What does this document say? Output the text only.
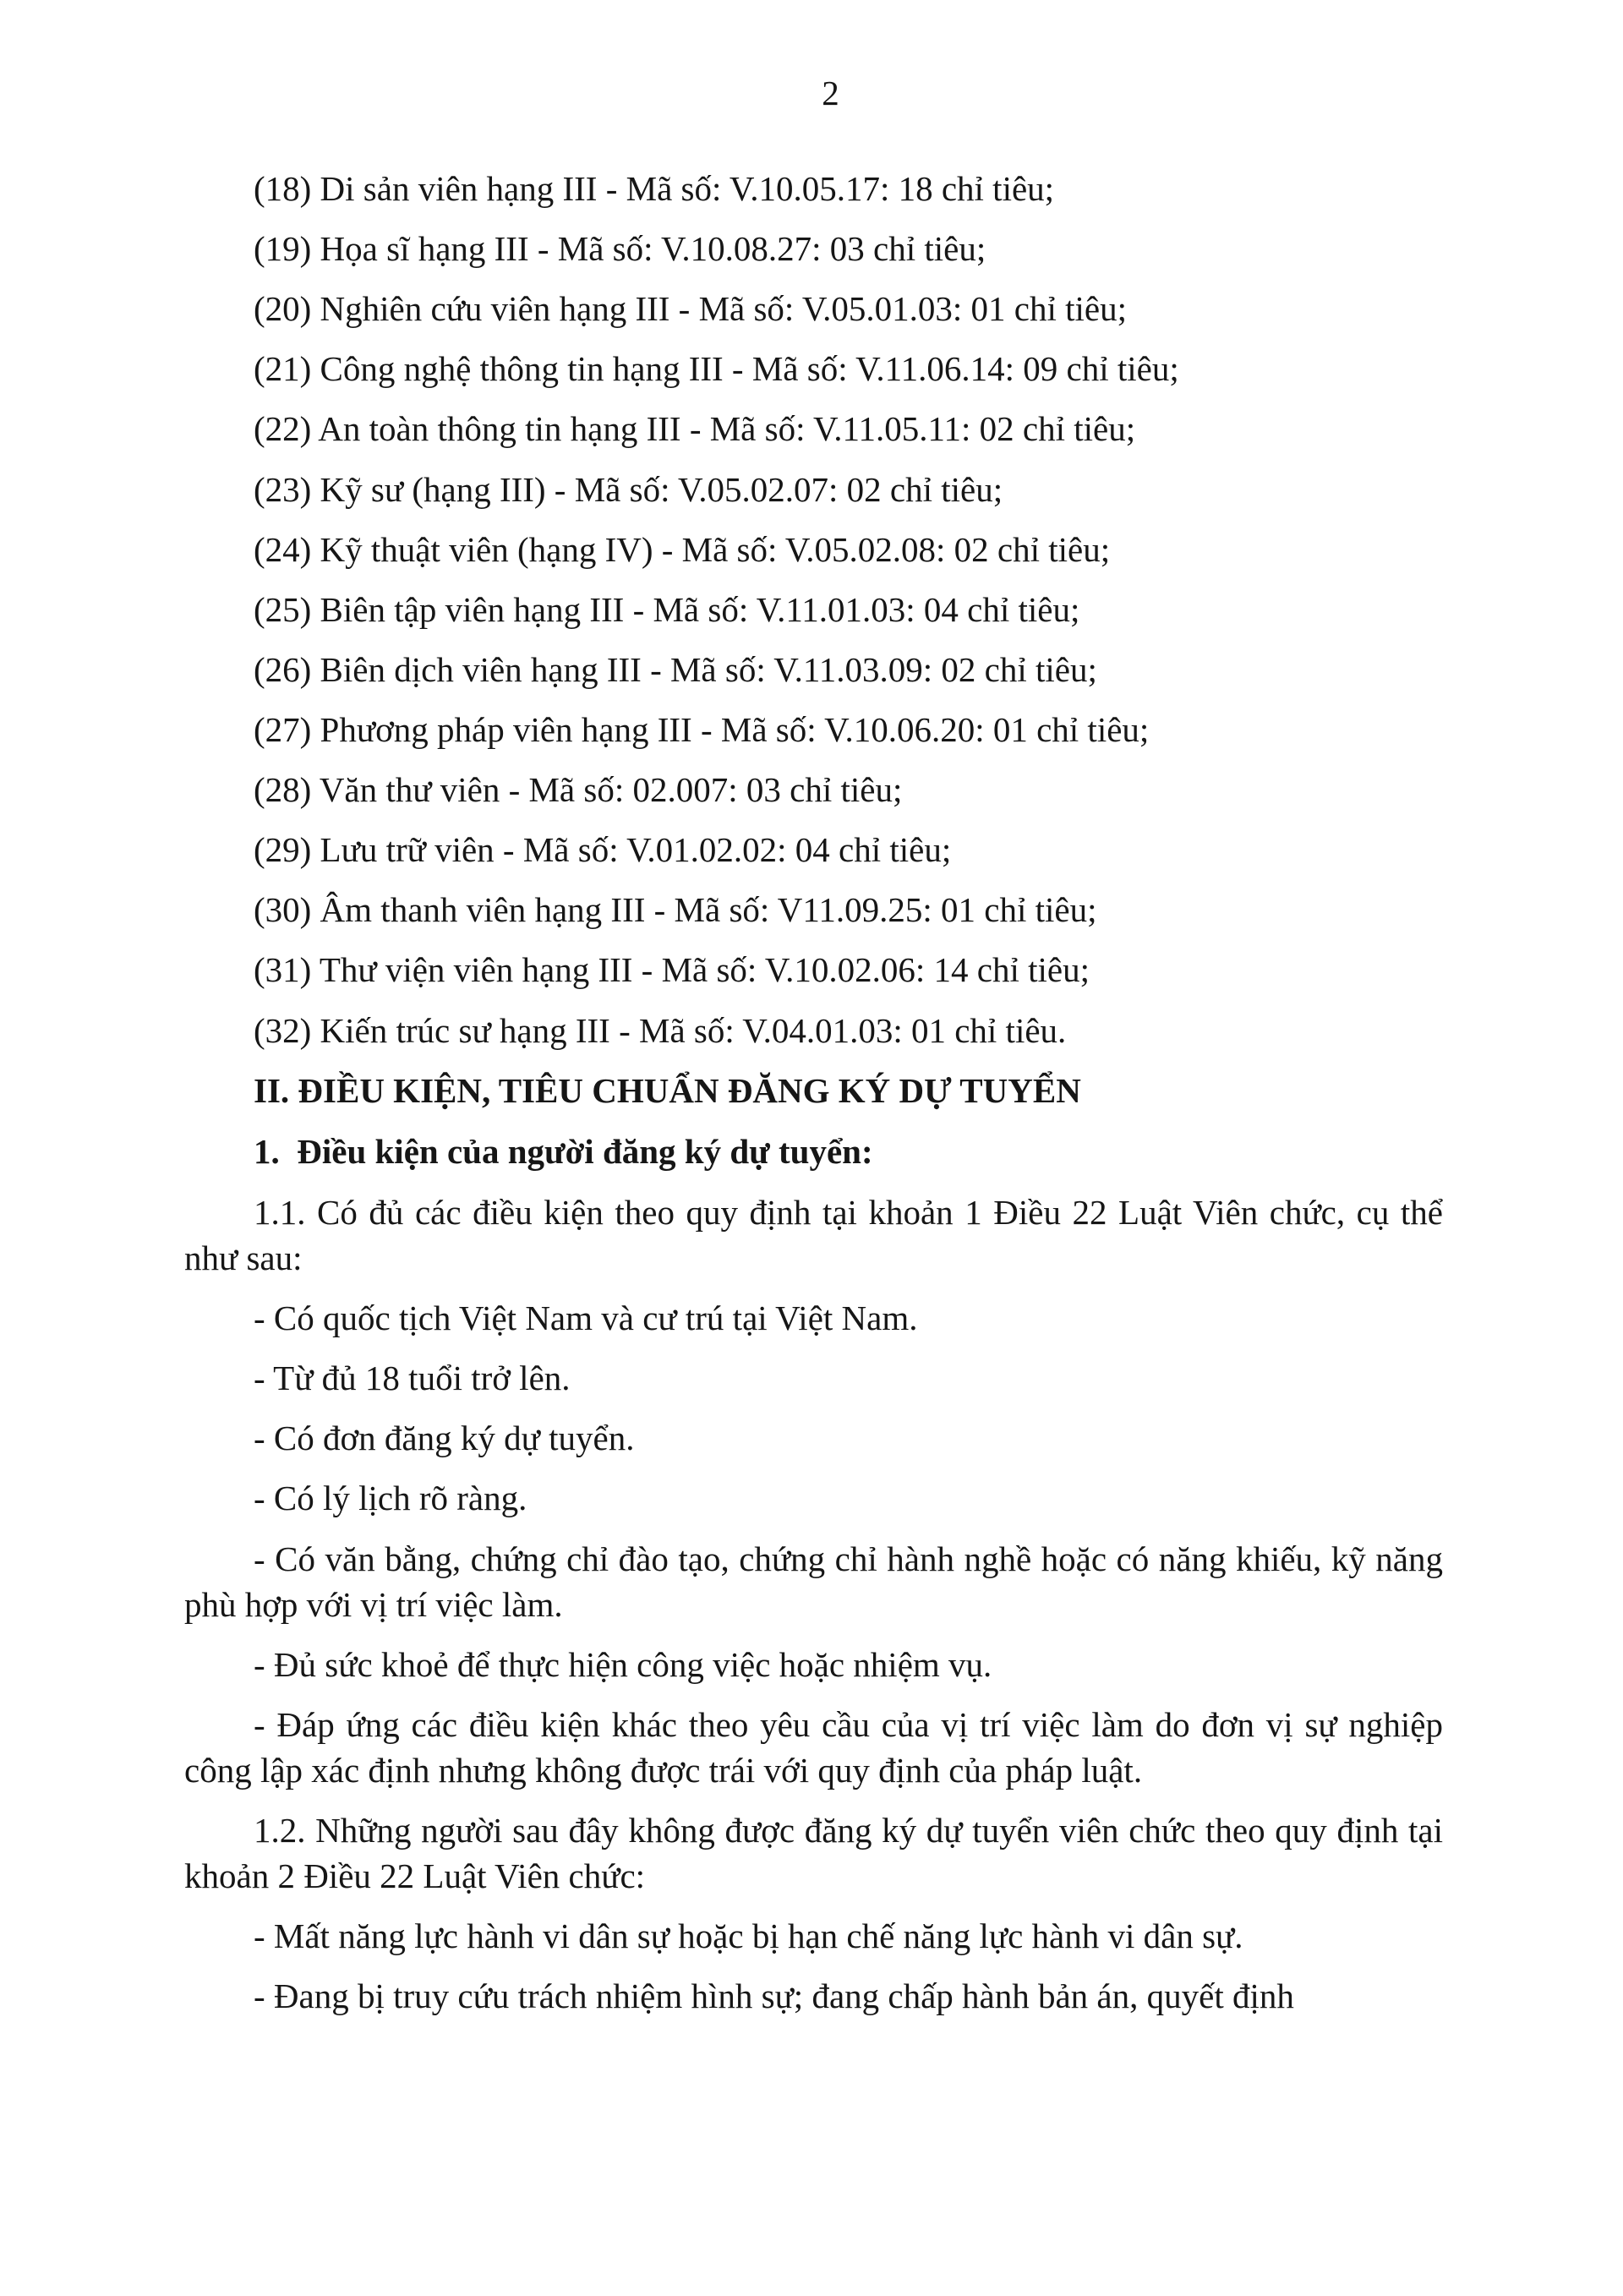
2

(18) Di sản viên hạng III - Mã số: V.10.05.17: 18 chỉ tiêu;

(19) Họa sĩ hạng III - Mã số: V.10.08.27: 03 chỉ tiêu;

(20) Nghiên cứu viên hạng III - Mã số: V.05.01.03: 01 chỉ tiêu;

(21) Công nghệ thông tin hạng III - Mã số: V.11.06.14: 09 chỉ tiêu;

(22) An toàn thông tin hạng III - Mã số: V.11.05.11: 02 chỉ tiêu;

(23) Kỹ sư (hạng III) - Mã số: V.05.02.07: 02 chỉ tiêu;

(24) Kỹ thuật viên (hạng IV) - Mã số: V.05.02.08: 02 chỉ tiêu;

(25) Biên tập viên hạng III - Mã số: V.11.01.03: 04 chỉ tiêu;

(26) Biên dịch viên hạng III - Mã số: V.11.03.09: 02 chỉ tiêu;

(27) Phương pháp viên hạng III - Mã số: V.10.06.20: 01 chỉ tiêu;

(28) Văn thư viên - Mã số: 02.007: 03 chỉ tiêu;

(29) Lưu trữ viên - Mã số: V.01.02.02: 04 chỉ tiêu;

(30) Âm thanh viên hạng III - Mã số: V11.09.25: 01 chỉ tiêu;

(31) Thư viện viên hạng III - Mã số: V.10.02.06: 14 chỉ tiêu;

(32) Kiến trúc sư hạng III - Mã số: V.04.01.03: 01 chỉ tiêu.

II. ĐIỀU KIỆN, TIÊU CHUẨN ĐĂNG KÝ DỰ TUYỂN

1.  Điều kiện của người đăng ký dự tuyển:

1.1. Có đủ các điều kiện theo quy định tại khoản 1 Điều 22 Luật Viên chức, cụ thể như sau:

- Có quốc tịch Việt Nam và cư trú tại Việt Nam.

- Từ đủ 18 tuổi trở lên.

- Có đơn đăng ký dự tuyển.

- Có lý lịch rõ ràng.

- Có văn bằng, chứng chỉ đào tạo, chứng chỉ hành nghề hoặc có năng khiếu, kỹ năng phù hợp với vị trí việc làm.

- Đủ sức khoẻ để thực hiện công việc hoặc nhiệm vụ.

- Đáp ứng các điều kiện khác theo yêu cầu của vị trí việc làm do đơn vị sự nghiệp công lập xác định nhưng không được trái với quy định của pháp luật.

1.2. Những người sau đây không được đăng ký dự tuyển viên chức theo quy định tại khoản 2 Điều 22 Luật Viên chức:

- Mất năng lực hành vi dân sự hoặc bị hạn chế năng lực hành vi dân sự.

- Đang bị truy cứu trách nhiệm hình sự; đang chấp hành bản án, quyết định
